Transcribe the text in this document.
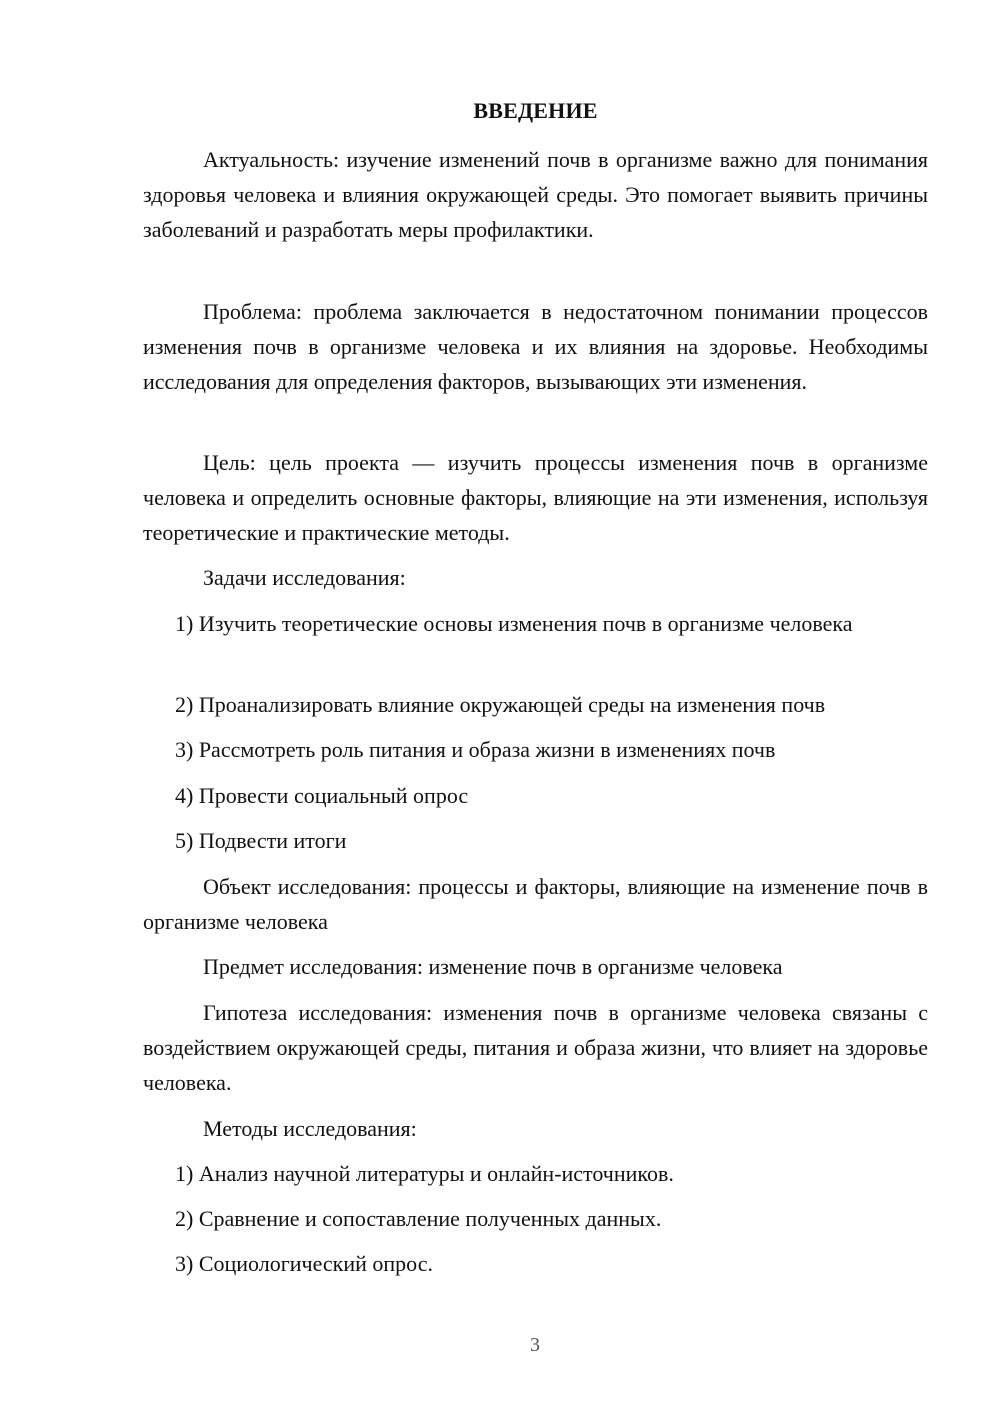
ВВЕДЕНИЕ
Актуальность: изучение изменений почв в организме важно для понимания здоровья человека и влияния окружающей среды. Это помогает выявить причины заболеваний и разработать меры профилактики.
Проблема: проблема заключается в недостаточном понимании процессов изменения почв в организме человека и их влияния на здоровье. Необходимы исследования для определения факторов, вызывающих эти изменения.
Цель: цель проекта — изучить процессы изменения почв в организме человека и определить основные факторы, влияющие на эти изменения, используя теоретические и практические методы.
Задачи исследования:
1) Изучить теоретические основы изменения почв в организме человека
2) Проанализировать влияние окружающей среды на изменения почв
3) Рассмотреть роль питания и образа жизни в изменениях почв
4) Провести социальный опрос
5) Подвести итоги
Объект исследования: процессы и факторы, влияющие на изменение почв в организме человека
Предмет исследования: изменение почв в организме человека
Гипотеза исследования: изменения почв в организме человека связаны с воздействием окружающей среды, питания и образа жизни, что влияет на здоровье человека.
Методы исследования:
1) Анализ научной литературы и онлайн-источников.
2) Сравнение и сопоставление полученных данных.
3) Социологический опрос.
3
